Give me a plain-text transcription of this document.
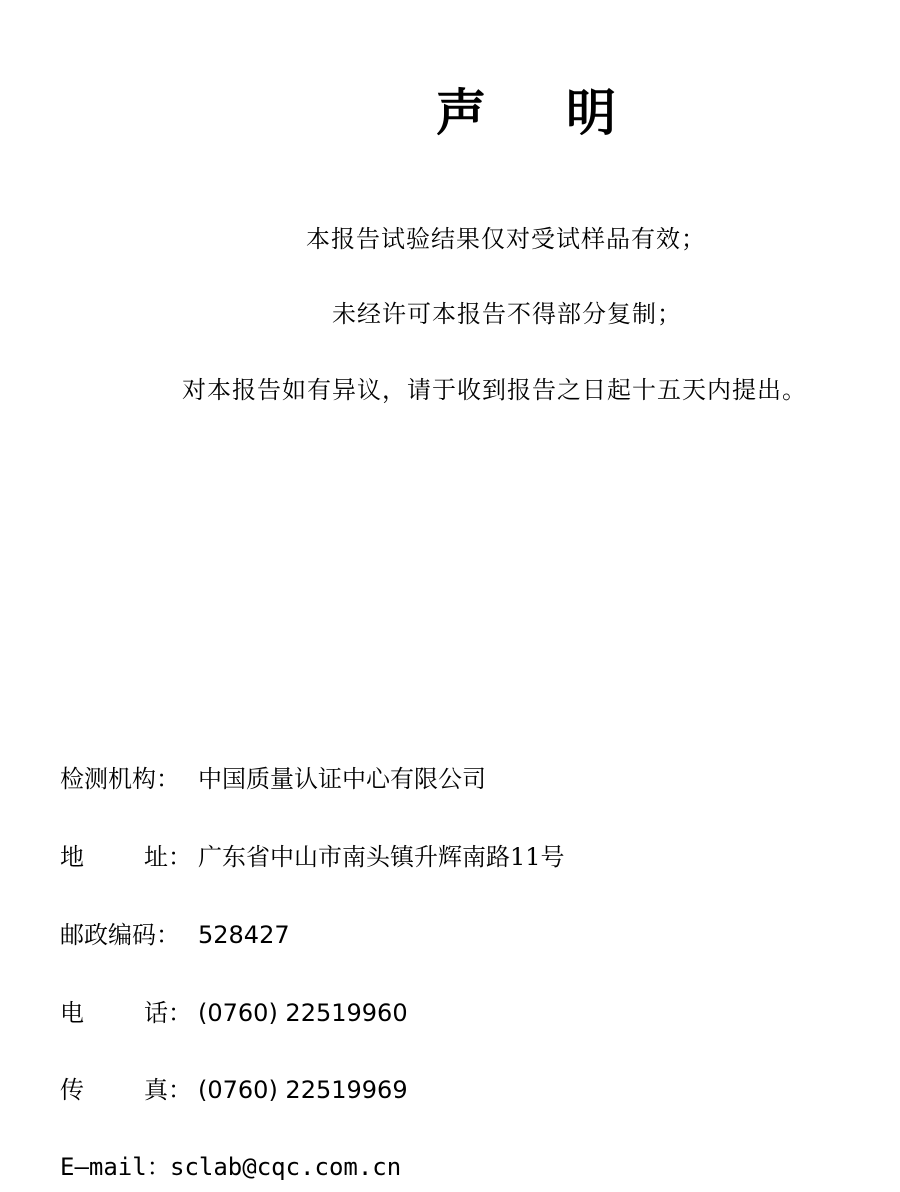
声 明
本报告试验结果仅对受试样品有效；
未经许可本报告不得部分复制；
对本报告如有异议，请于收到报告之日起十五天内提出。
检测机构： 中国质量认证中心有限公司
地	址： 广东省中山市南头镇升辉南路11号
邮政编码： 528427
电	话： (0760) 22519960
传	真： (0760) 22519969
E—mail： sclab@cqc.com.cn
